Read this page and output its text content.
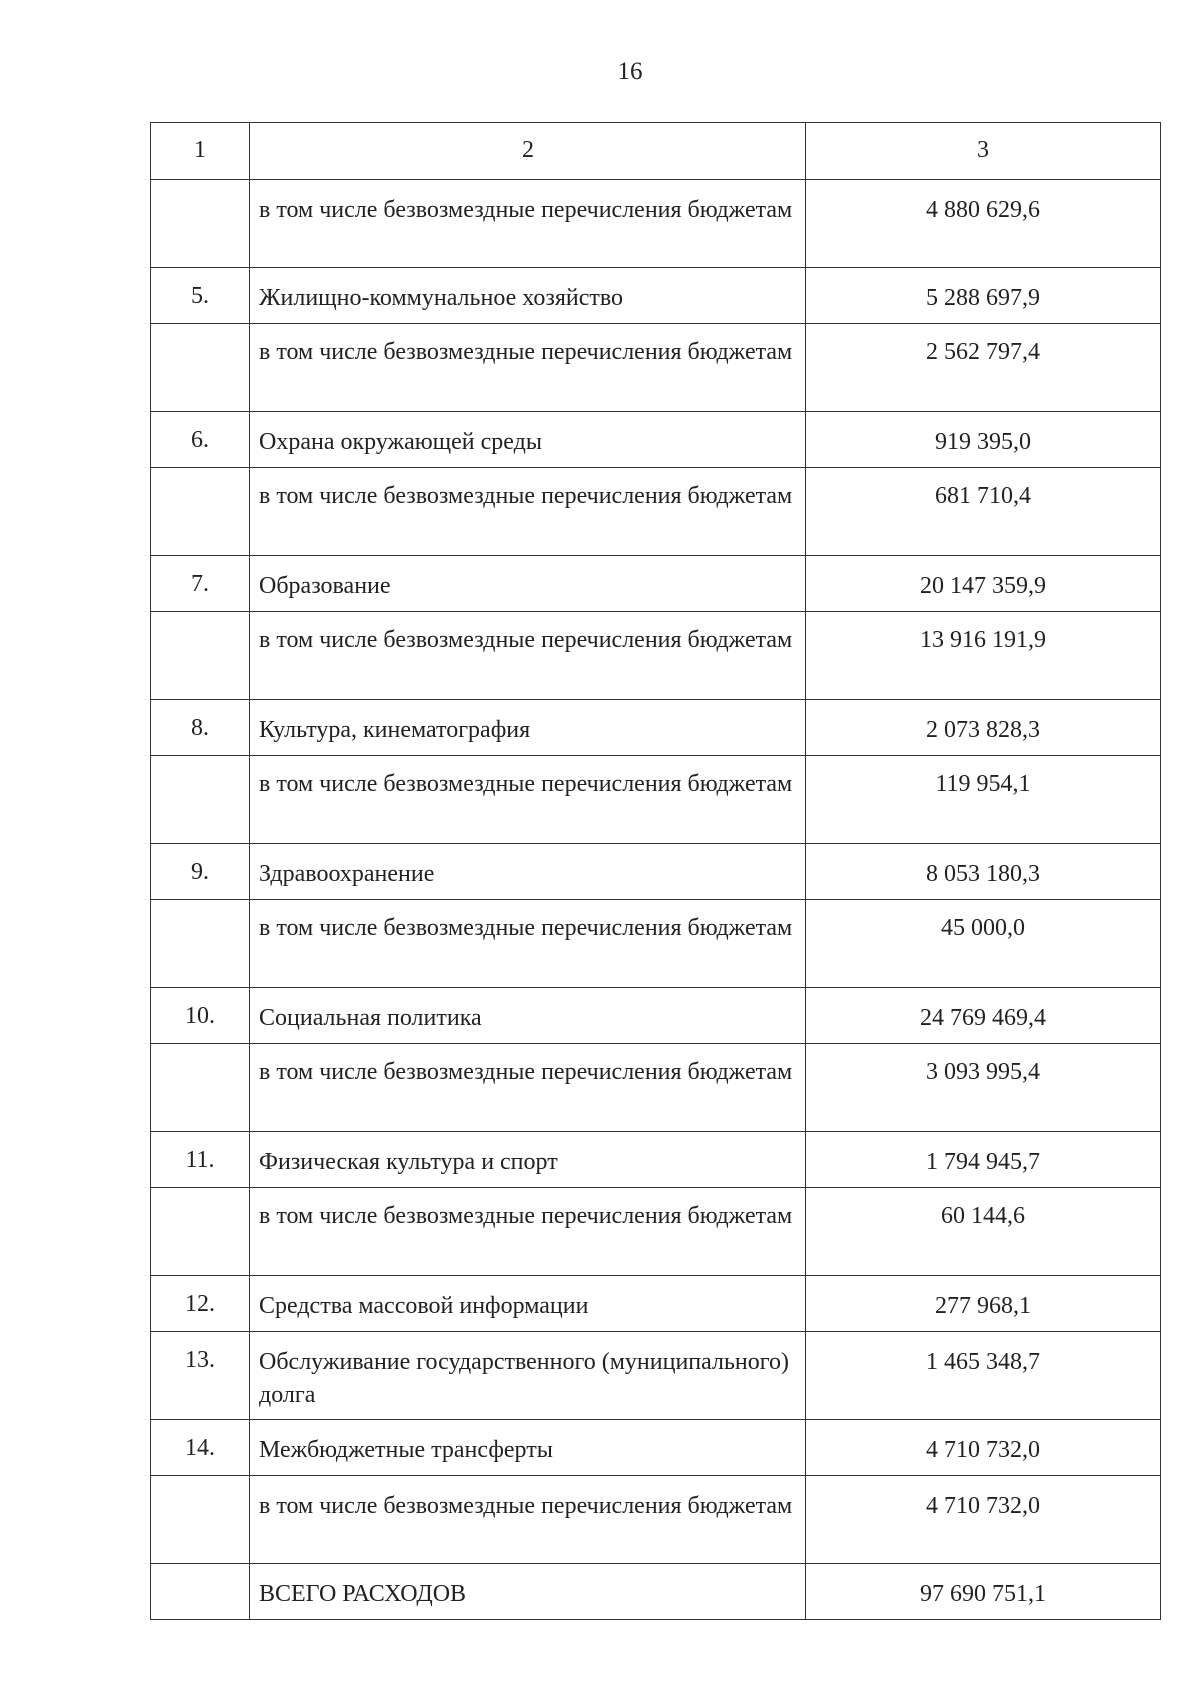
16
1	2	3
	в том числе безвозмездные перечисления бюджетам	4 880 629,6
5.	Жилищно-коммунальное хозяйство	5 288 697,9
	в том числе безвозмездные перечисления бюджетам	2 562 797,4
6.	Охрана окружающей среды	919 395,0
	в том числе безвозмездные перечисления бюджетам	681 710,4
7.	Образование	20 147 359,9
	в том числе безвозмездные перечисления бюджетам	13 916 191,9
8.	Культура, кинематография	2 073 828,3
	в том числе безвозмездные перечисления бюджетам	119 954,1
9.	Здравоохранение	8 053 180,3
	в том числе безвозмездные перечисления бюджетам	45 000,0
10.	Социальная политика	24 769 469,4
	в том числе безвозмездные перечисления бюджетам	3 093 995,4
11.	Физическая культура и спорт	1 794 945,7
	в том числе безвозмездные перечисления бюджетам	60 144,6
12.	Средства массовой информации	277 968,1
13.	Обслуживание государственного (муниципального) долга	1 465 348,7
14.	Межбюджетные трансферты	4 710 732,0
	в том числе безвозмездные перечисления бюджетам	4 710 732,0
	ВСЕГО РАСХОДОВ	97 690 751,1
